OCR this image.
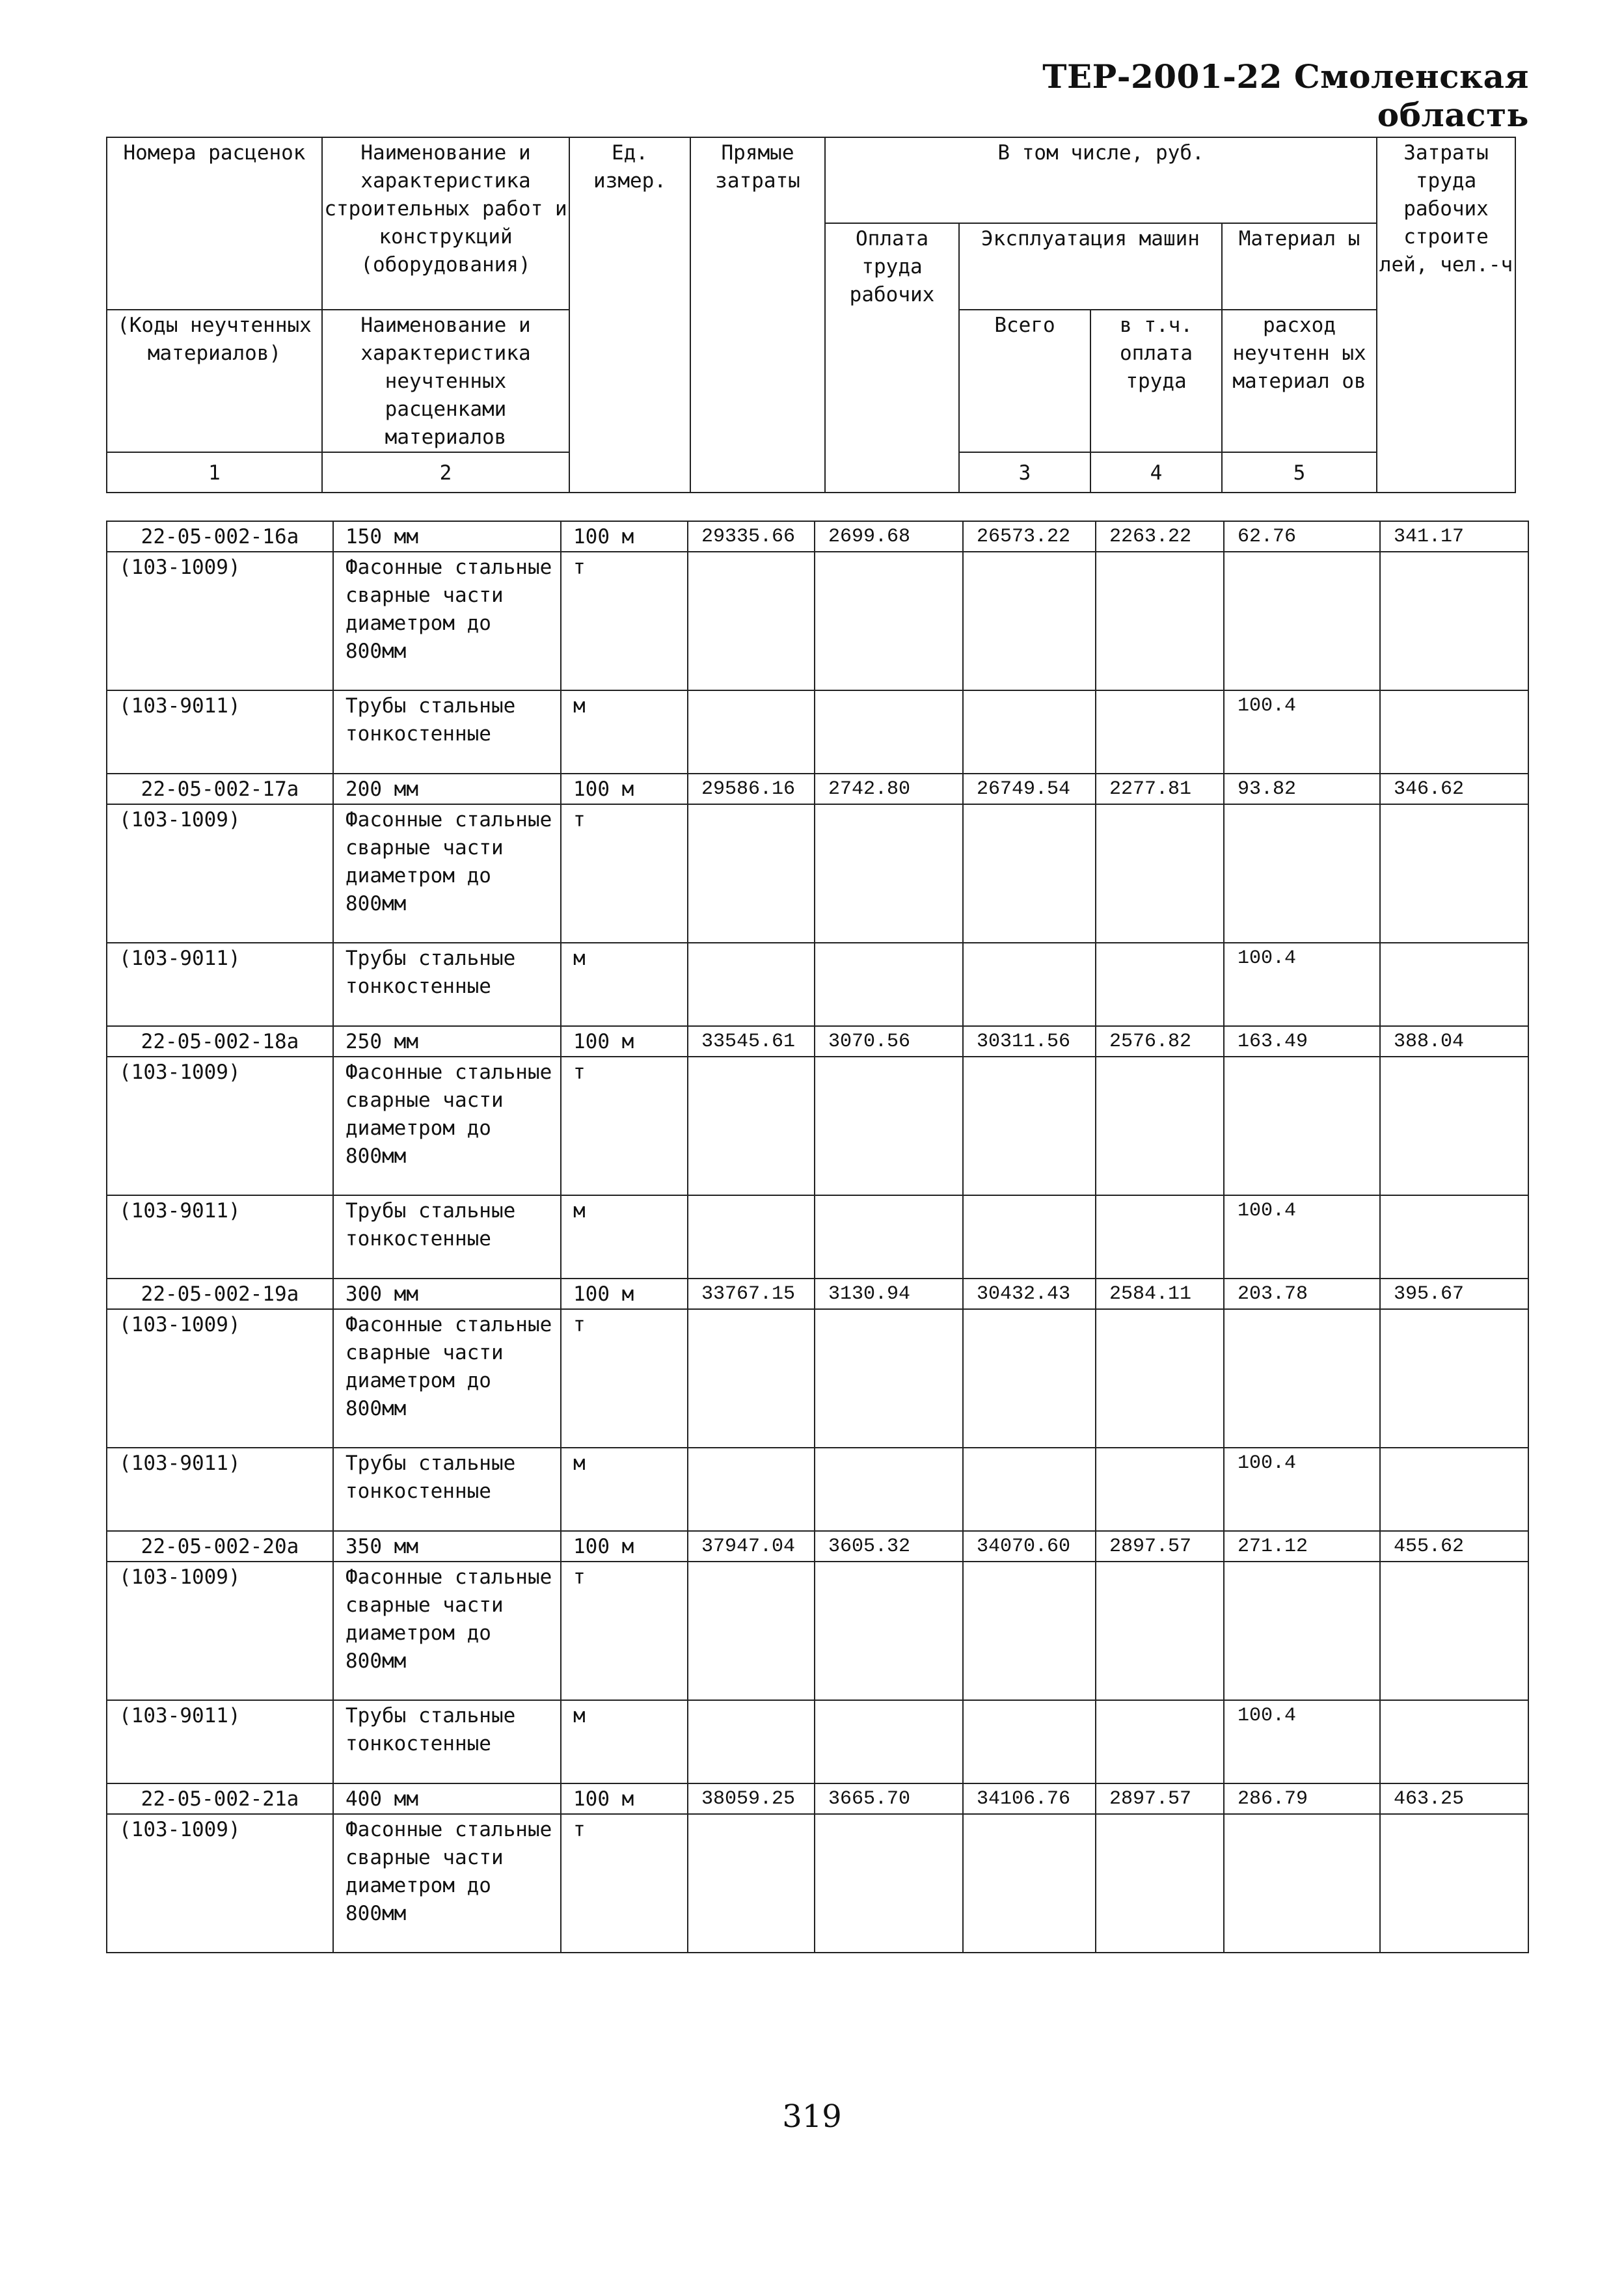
ТЕР-2001-22 Смоленская область
Номера расценок	Наименование и характеристика строительных работ и конструкций (оборудования)	Ед. измер.	Прямые затраты	В том числе, руб.				Затраты труда рабочих строите лей, чел.-ч	
				Оплата труда рабочих	Эксплуатация машин		Материал ы		
(Коды неучтенных материалов)	Наименование и характеристика неучтенных расценками материалов				Всего	в т.ч. оплата труда	расход неучтенн ых материал ов		
1	2				3	4	5				
22-05-002-16a	150 мм	100 м	29335.66	2699.68	26573.22	2263.22	62.76	341.17
(103-1009)	Фасонные стальные сварные части диаметром до 800мм	т						
(103-9011)	Трубы стальные тонкостенные	м					100.4	
22-05-002-17a	200 мм	100 м	29586.16	2742.80	26749.54	2277.81	93.82	346.62
(103-1009)	Фасонные стальные сварные части диаметром до 800мм	т						
(103-9011)	Трубы стальные тонкостенные	м					100.4	
22-05-002-18a	250 мм	100 м	33545.61	3070.56	30311.56	2576.82	163.49	388.04
(103-1009)	Фасонные стальные сварные части диаметром до 800мм	т						
(103-9011)	Трубы стальные тонкостенные	м					100.4	
22-05-002-19a	300 мм	100 м	33767.15	3130.94	30432.43	2584.11	203.78	395.67
(103-1009)	Фасонные стальные сварные части диаметром до 800мм	т						
(103-9011)	Трубы стальные тонкостенные	м					100.4	
22-05-002-20a	350 мм	100 м	37947.04	3605.32	34070.60	2897.57	271.12	455.62
(103-1009)	Фасонные стальные сварные части диаметром до 800мм	т						
(103-9011)	Трубы стальные тонкостенные	м					100.4	
22-05-002-21a	400 мм	100 м	38059.25	3665.70	34106.76	2897.57	286.79	463.25
(103-1009)	Фасонные стальные сварные части диаметром до 800мм	т						
319
